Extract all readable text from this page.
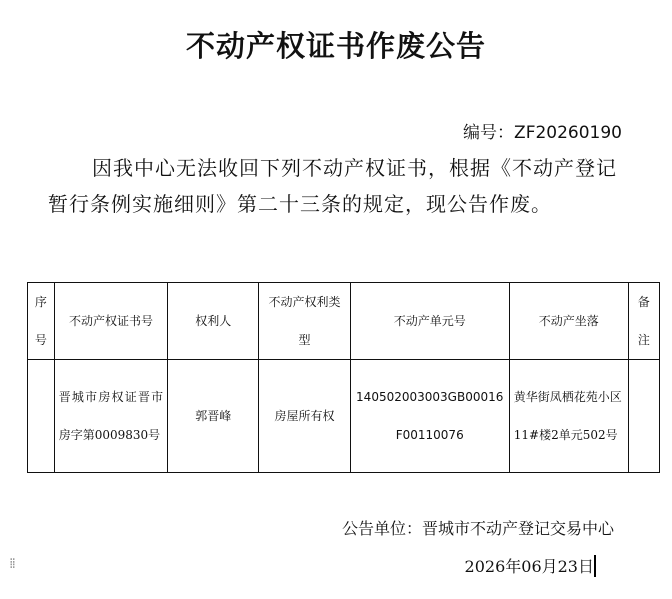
不动产权证书作废公告
编号：ZF20260190
因我中心无法收回下列不动产权证书，根据《不动产登记暂行条例实施细则》第二十三条的规定，现公告作废。
序号	不动产权证书号	权利人	不动产权利类型	不动产单元号	不动产坐落	备注
	晋城市房权证晋市房字第0009830号	郭晋峰	房屋所有权	140502003003GB00016F00110076	黄华街凤栖花苑小区11#楼2单元502号	
公告单位：晋城市不动产登记交易中心
2026年06月23日
⁞⁞
